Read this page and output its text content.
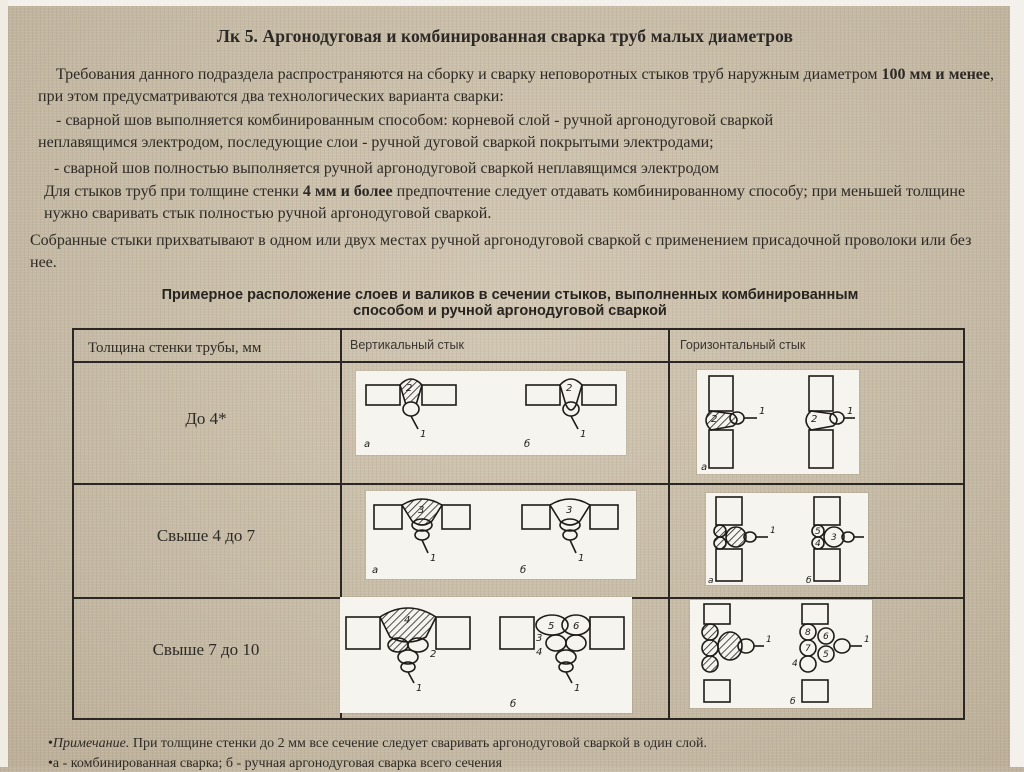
Лк 5. Аргонодуговая и комбинированная сварка труб малых диаметров

Требования данного подраздела распространяются на сборку и сварку неповоротных стыков труб наружным диаметром 100 мм и менее, при этом предусматриваются два технологических варианта сварки:

- сварной шов выполняется комбинированным способом: корневой слой - ручной аргонодуговой сваркой

неплавящимся электродом, последующие слои - ручной дуговой сваркой покрытыми электродами;

- сварной шов полностью выполняется ручной аргонодуговой сваркой неплавящимся электродом

Для стыков труб при толщине стенки 4 мм и более предпочтение следует отдавать комбинированному способу; при меньшей толщине нужно сваривать стык полностью ручной аргонодуговой сваркой.

Собранные стыки прихватывают в одном или двух местах ручной аргонодуговой сваркой с применением присадочной проволоки или без нее.

Примерное расположение слоев и валиков в сечении стыков, выполненных комбинированным
способом и ручной аргонодуговой сваркой
Толщина стенки трубы, мм	Вертикальный стык	Горизонтальный стык
До 4*
Свыше 4 до 7
Свыше 7 до 10
2
1
а
2
1
б
2
1
а
2
1
3
1
а
3
1
б
1
а
5
4
3
б
4
2
1
5 6
3
4
1
б
1
8
7
6
5
4
1
б

•Примечание. При толщине стенки до 2 мм все сечение следует сваривать аргонодуговой сваркой в один слой.

•а - комбинированная сварка; б - ручная аргонодуговая сварка всего сечения
